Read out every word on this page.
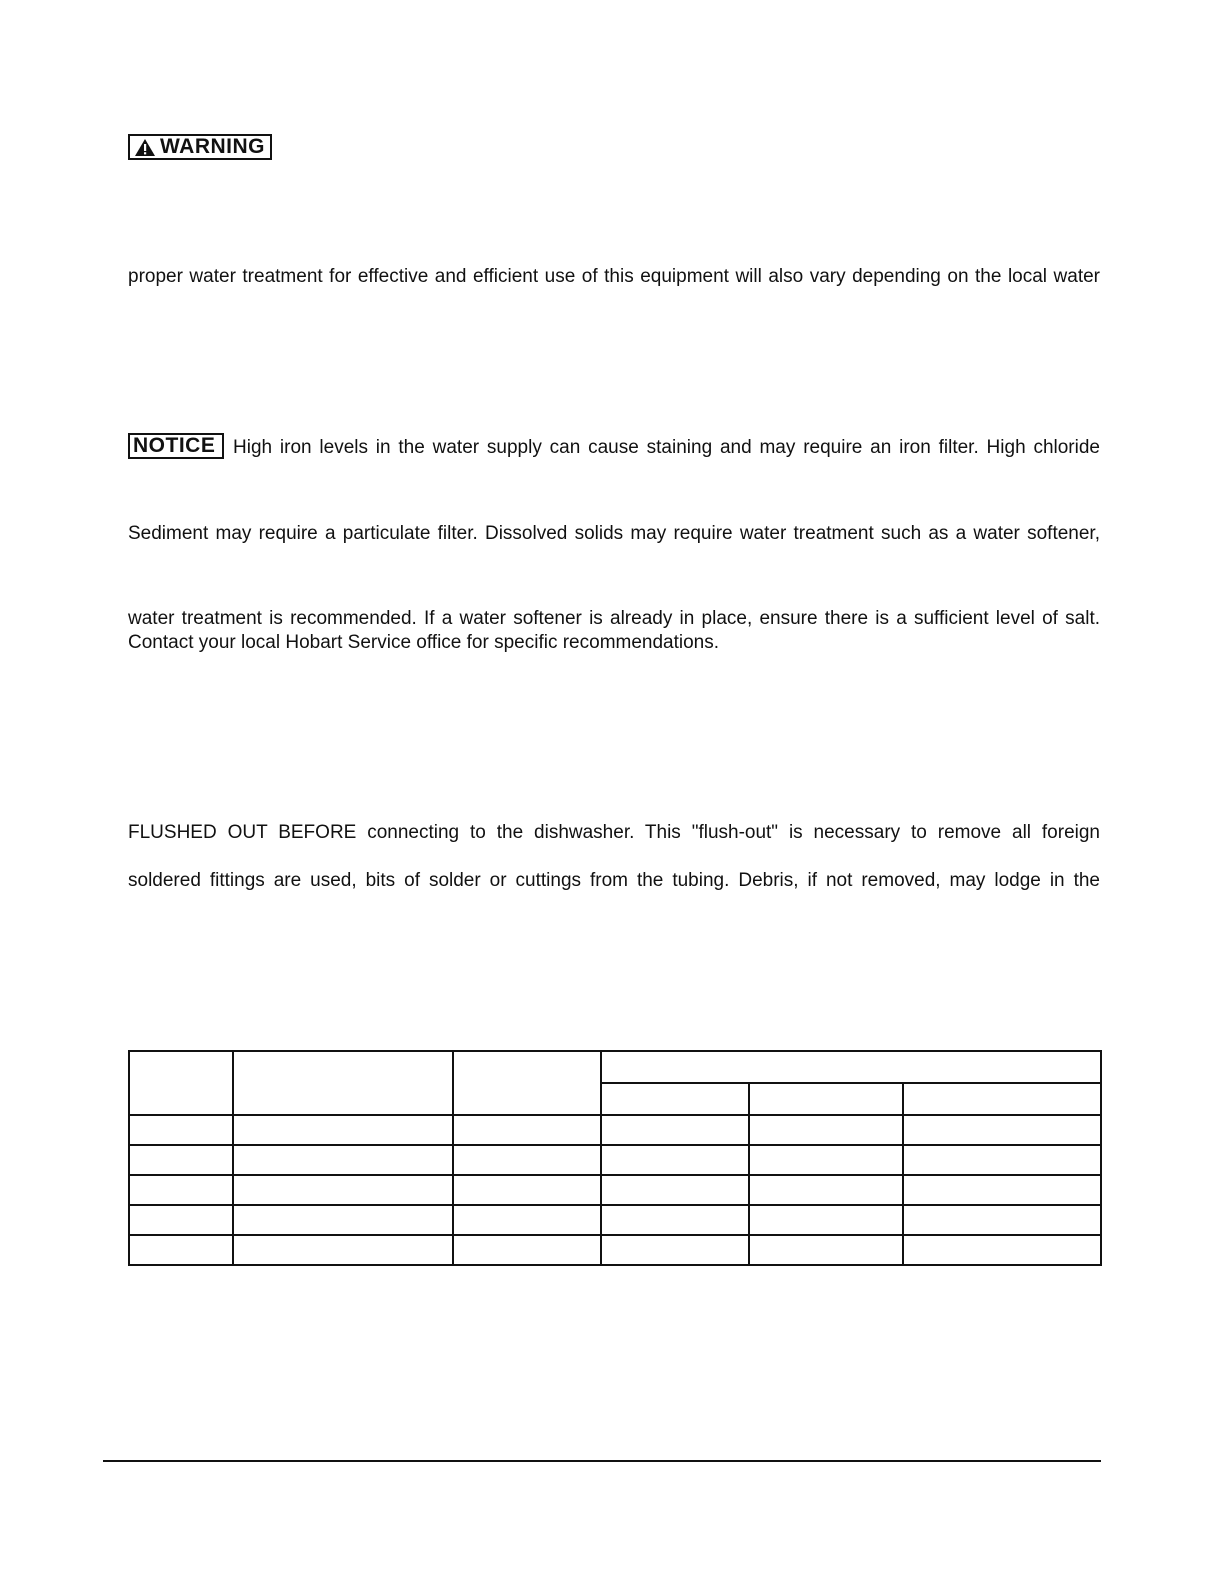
WARNING
proper water treatment for effective and efficient use of this equipment will also vary depending on the local water
NOTICE High iron levels in the water supply can cause staining and may require an iron filter. High chloride
Sediment may require a particulate filter. Dissolved solids may require water treatment such as a water softener,
water treatment is recommended. If a water softener is already in place, ensure there is a sufficient level of salt.
Contact your local Hobart Service office for specific recommendations.
FLUSHED OUT BEFORE connecting to the dishwasher. This "flush-out" is necessary to remove all foreign
soldered fittings are used, bits of solder or cuttings from the tubing. Debris, if not removed, may lodge in the
